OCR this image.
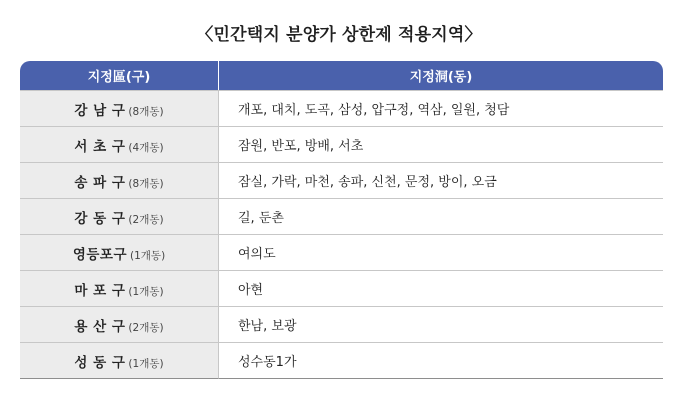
〈민간택지 분양가 상한제 적용지역〉
지정區(구)	지정洞(동)
강 남 구 (8개동)	개포, 대치, 도곡, 삼성, 압구정, 역삼, 일원, 청담
서 초 구 (4개동)	잠원, 반포, 방배, 서초
송 파 구 (8개동)	잠실, 가락, 마천, 송파, 신천, 문정, 방이, 오금
강 동 구 (2개동)	길, 둔촌
영등포구 (1개동)	여의도
마 포 구 (1개동)	아현
용 산 구 (2개동)	한남, 보광
성 동 구 (1개동)	성수동1가
